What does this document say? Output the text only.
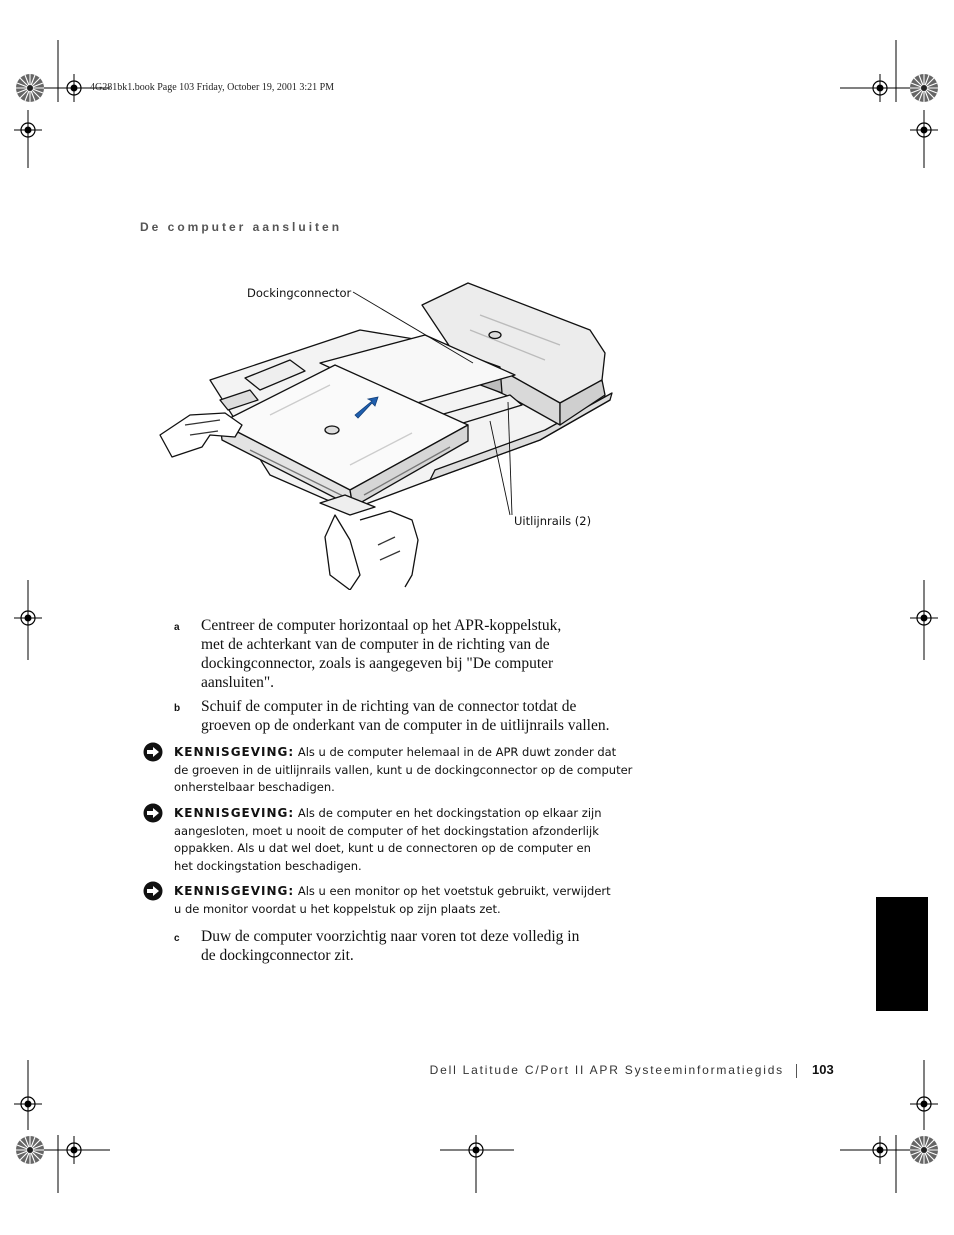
4G281bk1.book Page 103 Friday, October 19, 2001 3:21 PM
De computer aansluiten
Dockingconnector
Uitlijnrails (2)
a Centreer de computer horizontaal op het APR-koppelstuk,
met de achterkant van de computer in de richting van de
dockingconnector, zoals is aangegeven bij "De computer
aansluiten".
b Schuif de computer in de richting van de connector totdat de
groeven op de onderkant van de computer in de uitlijnrails vallen.
KENNISGEVING: Als u de computer helemaal in de APR duwt zonder dat
de groeven in de uitlijnrails vallen, kunt u de dockingconnector op de computer
onherstelbaar beschadigen.
KENNISGEVING: Als de computer en het dockingstation op elkaar zijn
aangesloten, moet u nooit de computer of het dockingstation afzonderlijk
oppakken. Als u dat wel doet, kunt u de connectoren op de computer en
het dockingstation beschadigen.
KENNISGEVING: Als u een monitor op het voetstuk gebruikt, verwijdert
u de monitor voordat u het koppelstuk op zijn plaats zet.
c Duw de computer voorzichtig naar voren tot deze volledig in
de dockingconnector zit.
Dell Latitude C/Port II APR Systeeminformatiegids 103
